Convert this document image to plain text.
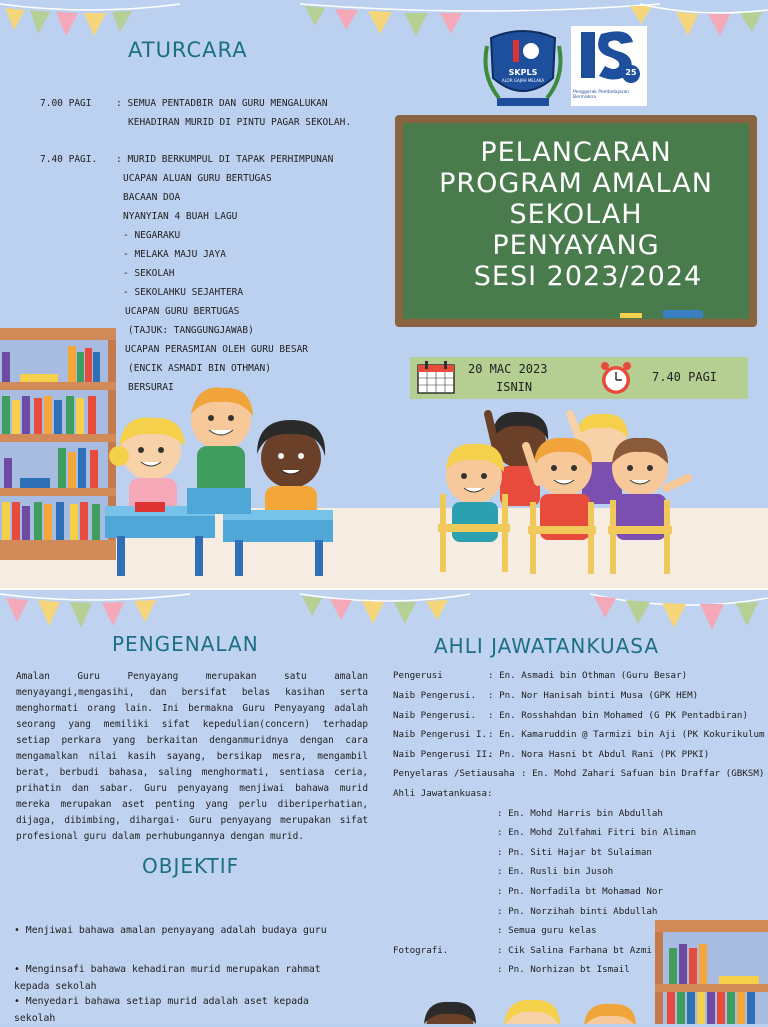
ATURCARA
7.00 PAGI	: SEMUA PENTADBIR DAN GURU MENGALUKAN
KEHADIRAN MURID DI PINTU PAGAR SEKOLAH.
7.40 PAGI.	: MURID BERKUMPUL DI TAPAK PERHIMPUNAN
UCAPAN ALUAN GURU BERTUGAS
BACAAN DOA
NYANYIAN 4 BUAH LAGU
- NEGARAKU
- MELAKA MAJU JAYA
- SEKOLAH
- SEKOLAHKU SEJAHTERA
UCAPAN GURU BERTUGAS
(TAJUK: TANGGUNGJAWAB)
UCAPAN PERASMIAN OLEH GURU BESAR
(ENCIK ASMADI BIN OTHMAN)
BERSURAI
SKPLS
ALOR GAJAH MELAKA
25
Penggerak Pembelajaran Bermakna
PELANCARAN
PROGRAM AMALAN
SEKOLAH
PENYAYANG
SESI 2023/2024
20 MAC 2023
ISNIN
7.40 PAGI
PENGENALAN
Amalan Guru Penyayang merupakan satu amalan menyayangi,mengasihi, dan bersifat belas kasihan serta menghormati orang lain. Ini bermakna Guru Penyayang adalah seorang yang memiliki sifat kepedulian(concern) terhadap setiap perkara yang berkaitan denganmuridnya dengan cara mengamalkan nilai kasih sayang, bersikap mesra, mengambil berat, berbudi bahasa, saling menghormati, sentiasa ceria, prihatin dan sabar. Guru penyayang menjiwai bahawa murid mereka merupakan aset penting yang perlu diberiperhatian, dijaga, dibimbing, dihargai· Guru penyayang merupakan sifat profesional guru dalam perhubungannya dengan murid.
OBJEKTIF
• Menjiwai bahawa amalan penyayang adalah budaya guru
• Menginsafi bahawa kehadiran murid merupakan rahmat kepada sekolah
• Menyedari bahawa setiap murid adalah aset kepada sekolah
AHLI JAWATANKUASA
Pengerusi	: En. Asmadi bin Othman (Guru Besar)
Naib Pengerusi. : Pn. Nor Hanisah binti Musa (GPK HEM)
Naib Pengerusi. : En. Rosshahdan bin Mohamed (G PK Pentadbiran)
Naib Pengerusi I.: En. Kamaruddin @ Tarmizi bin Aji (PK Kokurikulum
Naib Pengerusi II.: Pn. Nora Hasni bt Abdul Rani (PK PPKI)
Penyelaras /Setiausaha : En. Mohd Zahari Safuan bin Draffar (GBKSM)
Ahli Jawatankuasa:
: En. Mohd Harris bin Abdullah
: En. Mohd Zulfahmi Fitri bin Aliman
: Pn. Siti Hajar bt Sulaiman
: En. Rusli bin Jusoh
: Pn. Norfadila bt Mohamad Nor
: Pn. Norzihah binti Abdullah
: Semua guru kelas
Fotografi.	: Cik Salina Farhana bt Azmi
: Pn. Norhizan bt Ismail
